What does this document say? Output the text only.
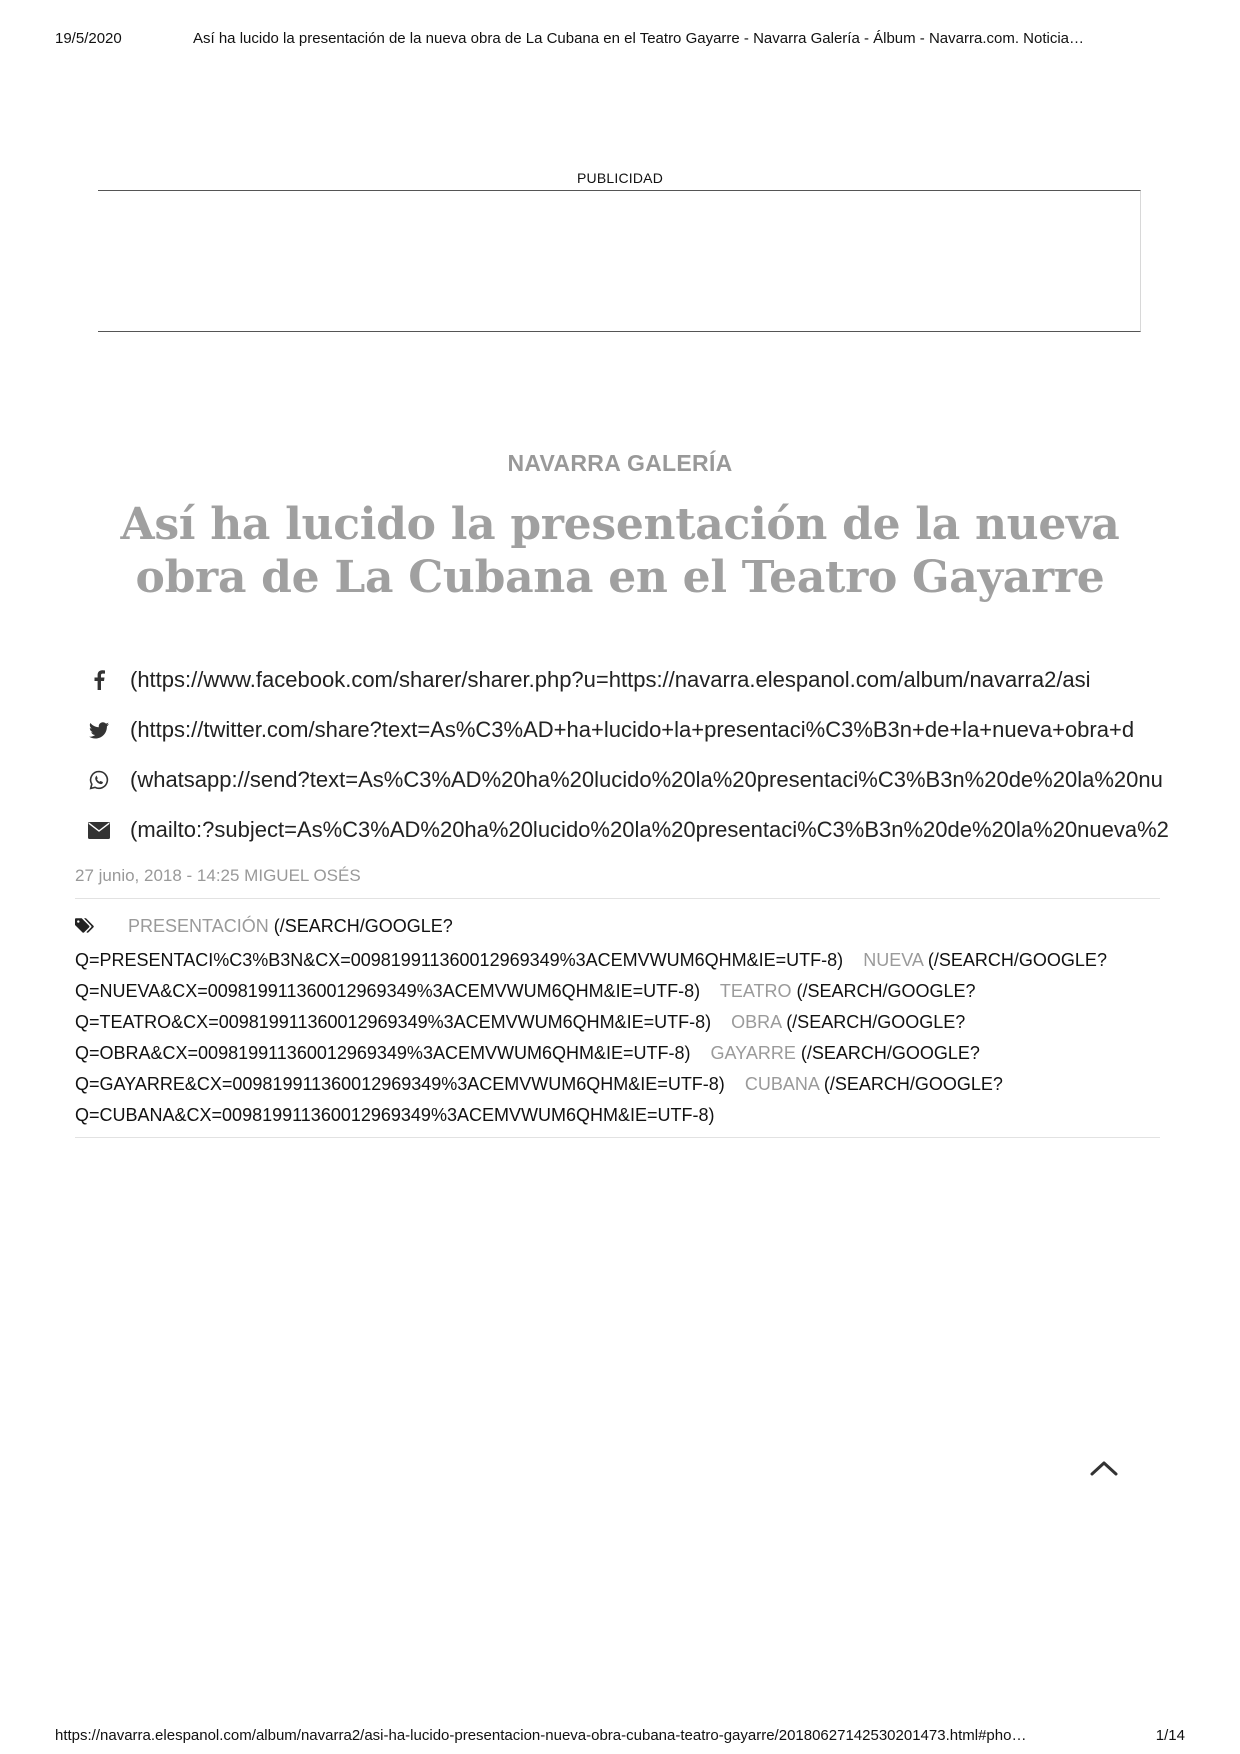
19/5/2020	Así ha lucido la presentación de la nueva obra de La Cubana en el Teatro Gayarre - Navarra Galería - Álbum - Navarra.com. Noticia…
PUBLICIDAD
NAVARRA GALERÍA
Así ha lucido la presentación de la nueva obra de La Cubana en el Teatro Gayarre
(https://www.facebook.com/sharer/sharer.php?u=https://navarra.elespanol.com/album/navarra2/asi
(https://twitter.com/share?text=As%C3%AD+ha+lucido+la+presentaci%C3%B3n+de+la+nueva+obra+d
(whatsapp://send?text=As%C3%AD%20ha%20lucido%20la%20presentaci%C3%B3n%20de%20la%20nu
(mailto:?subject=As%C3%AD%20ha%20lucido%20la%20presentaci%C3%B3n%20de%20la%20nueva%2
27 junio, 2018 - 14:25 MIGUEL OSÉS
PRESENTACIÓN (/SEARCH/GOOGLE?Q=PRESENTACI%C3%B3N&CX=009819911360012969349%3ACEMVWUM6QHM&IE=UTF-8) NUEVA (/SEARCH/GOOGLE?Q=NUEVA&CX=009819911360012969349%3ACEMVWUM6QHM&IE=UTF-8) TEATRO (/SEARCH/GOOGLE?Q=TEATRO&CX=009819911360012969349%3ACEMVWUM6QHM&IE=UTF-8) OBRA (/SEARCH/GOOGLE?Q=OBRA&CX=009819911360012969349%3ACEMVWUM6QHM&IE=UTF-8) GAYARRE (/SEARCH/GOOGLE?Q=GAYARRE&CX=009819911360012969349%3ACEMVWUM6QHM&IE=UTF-8) CUBANA (/SEARCH/GOOGLE?Q=CUBANA&CX=009819911360012969349%3ACEMVWUM6QHM&IE=UTF-8)
https://navarra.elespanol.com/album/navarra2/asi-ha-lucido-presentacion-nueva-obra-cubana-teatro-gayarre/20180627142530201473.html#pho…	1/14
